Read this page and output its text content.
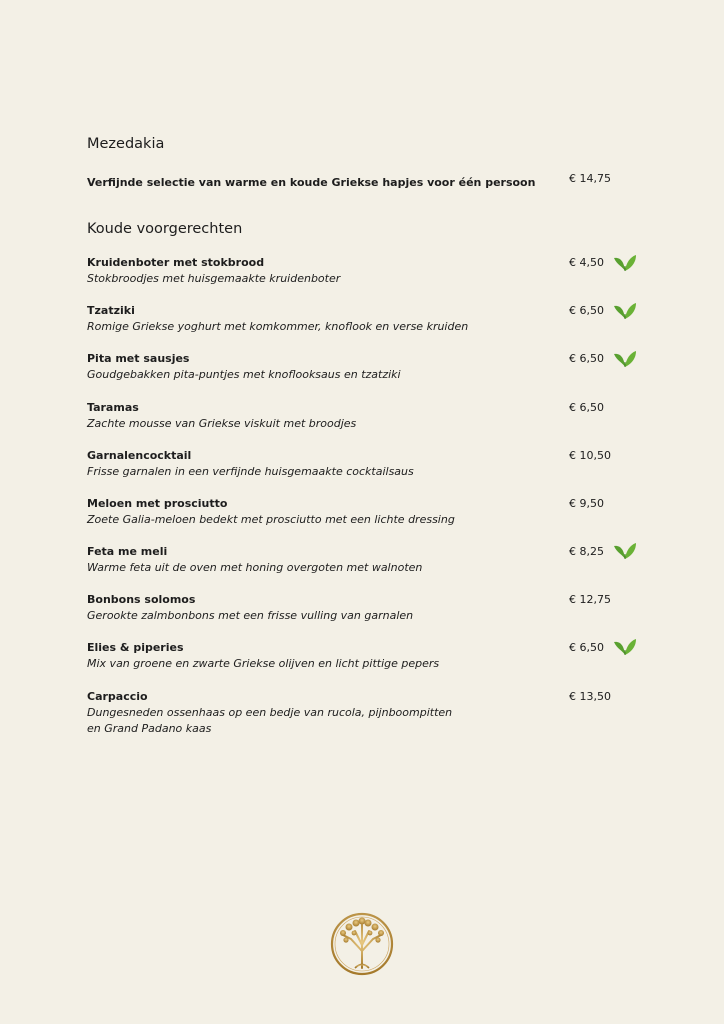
Mezedakia
Verfijnde selectie van warme en koude Griekse hapjes voor één persoon	€ 14,75
Koude voorgerechten
Kruidenboter met stokbrood
Stokbroodjes met huisgemaakte kruidenboter
€ 4,50
Tzatziki
Romige Griekse yoghurt met komkommer, knoflook en verse kruiden
€ 6,50
Pita met sausjes
Goudgebakken pita-puntjes met knoflooksaus en tzatziki
€ 6,50
Taramas
Zachte mousse van Griekse viskuit met broodjes
€ 6,50
Garnalencocktail
Frisse garnalen in een verfijnde huisgemaakte cocktailsaus
€ 10,50
Meloen met prosciutto
Zoete Galia-meloen bedekt met prosciutto met een lichte dressing
€ 9,50
Feta me meli
Warme feta uit de oven met honing overgoten met walnoten
€ 8,25
Bonbons solomos
Gerookte zalmbonbons met een frisse vulling van garnalen
€ 12,75
Elies & piperies
Mix van groene en zwarte Griekse olijven en licht pittige pepers
€ 6,50
Carpaccio
Dungesneden ossenhaas op een bedje van rucola, pijnboompitten
en Grand Padano kaas
€ 13,50
